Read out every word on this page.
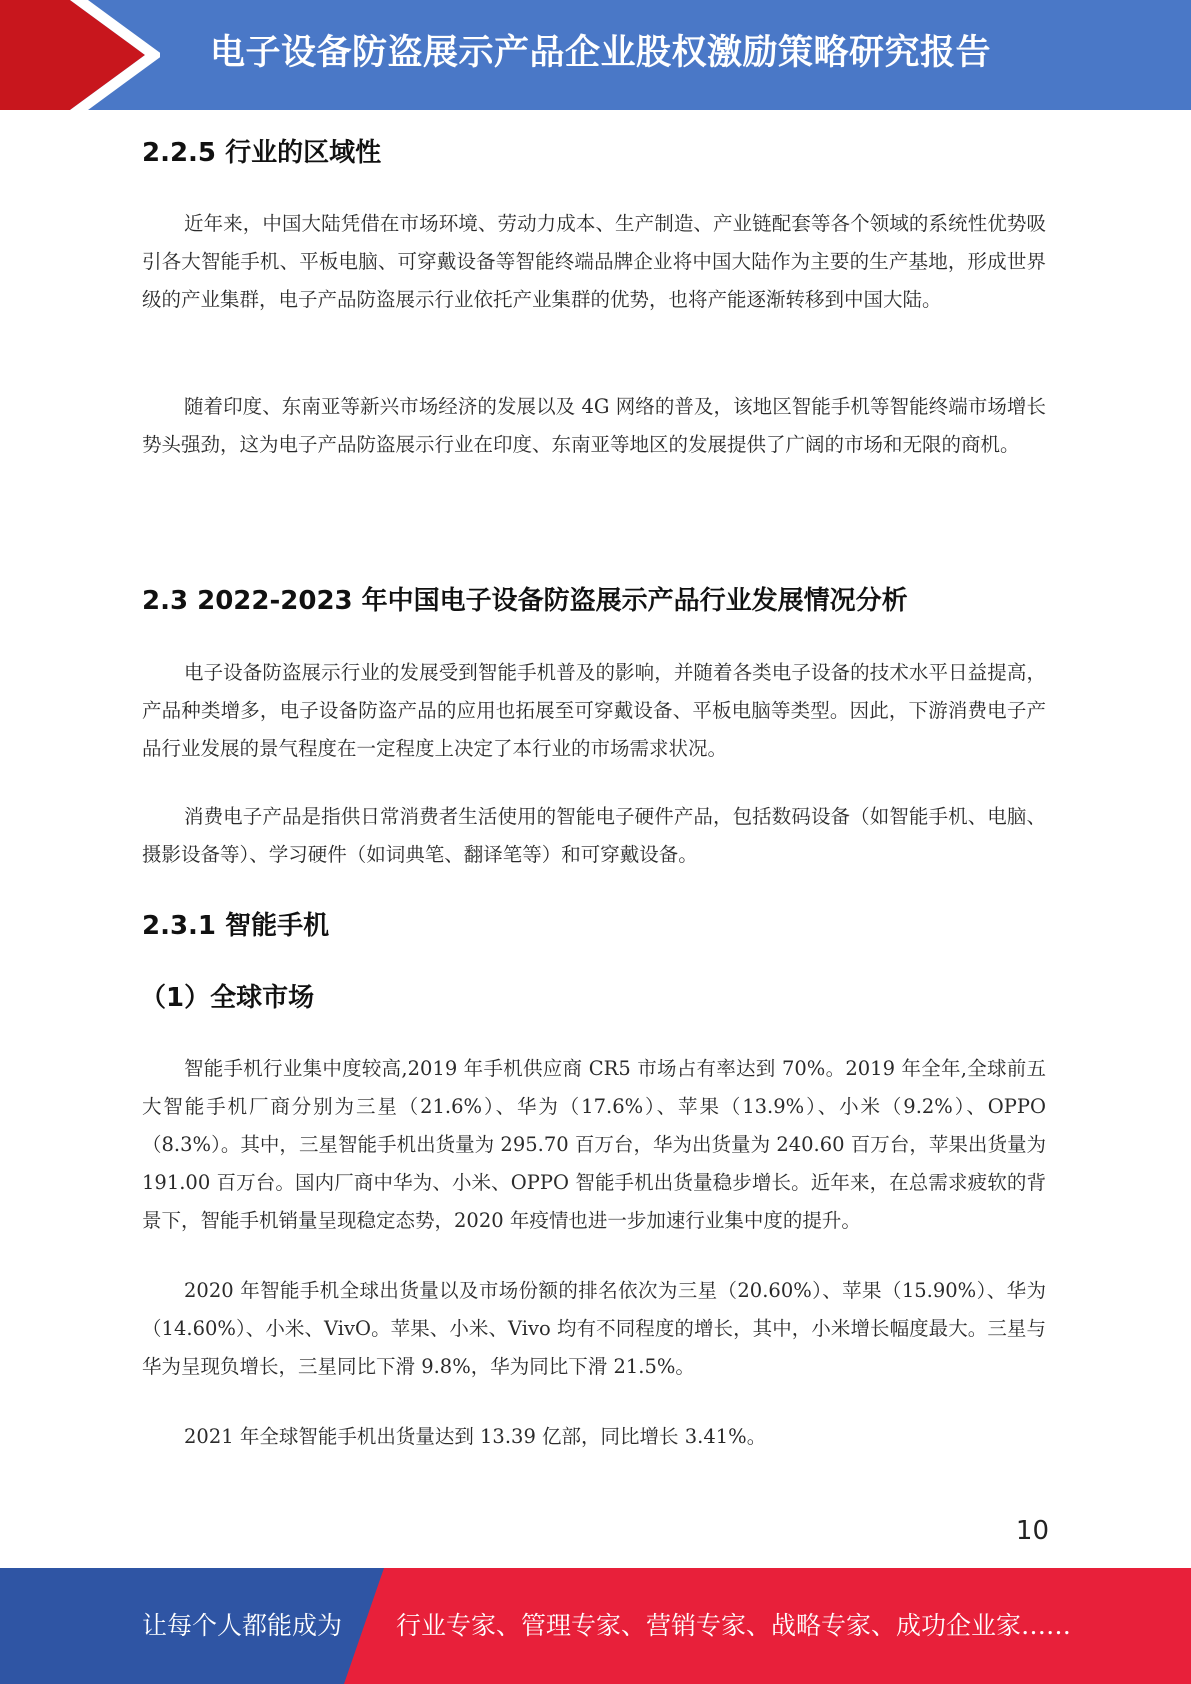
电子设备防盗展示产品企业股权激励策略研究报告
2.2.5 行业的区域性

近年来，中国大陆凭借在市场环境、劳动力成本、生产制造、产业链配套等各个领域的系统性优势吸引各大智能手机、平板电脑、可穿戴设备等智能终端品牌企业将中国大陆作为主要的生产基地，形成世界级的产业集群，电子产品防盗展示行业依托产业集群的优势，也将产能逐渐转移到中国大陆。

随着印度、东南亚等新兴市场经济的发展以及 4G 网络的普及，该地区智能手机等智能终端市场增长势头强劲，这为电子产品防盗展示行业在印度、东南亚等地区的发展提供了广阔的市场和无限的商机。

2.3 2022-2023 年中国电子设备防盗展示产品行业发展情况分析

电子设备防盗展示行业的发展受到智能手机普及的影响，并随着各类电子设备的技术水平日益提高，产品种类增多，电子设备防盗产品的应用也拓展至可穿戴设备、平板电脑等类型。因此，下游消费电子产品行业发展的景气程度在一定程度上决定了本行业的市场需求状况。

消费电子产品是指供日常消费者生活使用的智能电子硬件产品，包括数码设备（如智能手机、电脑、摄影设备等）、学习硬件（如词典笔、翻译笔等）和可穿戴设备。

2.3.1 智能手机
（1）全球市场

智能手机行业集中度较高,2019 年手机供应商 CR5 市场占有率达到 70%。2019 年全年,全球前五大智能手机厂商分别为三星（21.6%）、华为（17.6%）、苹果（13.9%）、小米（9.2%）、OPPO（8.3%）。其中，三星智能手机出货量为 295.70 百万台，华为出货量为 240.60 百万台，苹果出货量为 191.00 百万台。国内厂商中华为、小米、OPPO 智能手机出货量稳步增长。近年来，在总需求疲软的背景下，智能手机销量呈现稳定态势，2020 年疫情也进一步加速行业集中度的提升。

2020 年智能手机全球出货量以及市场份额的排名依次为三星（20.60%）、苹果（15.90%）、华为（14.60%）、小米、VivO。苹果、小米、Vivo 均有不同程度的增长，其中，小米增长幅度最大。三星与华为呈现负增长，三星同比下滑 9.8%，华为同比下滑 21.5%。

2021 年全球智能手机出货量达到 13.39 亿部，同比增长 3.41%。

10
让每个人都能成为 行业专家、管理专家、营销专家、战略专家、成功企业家……
